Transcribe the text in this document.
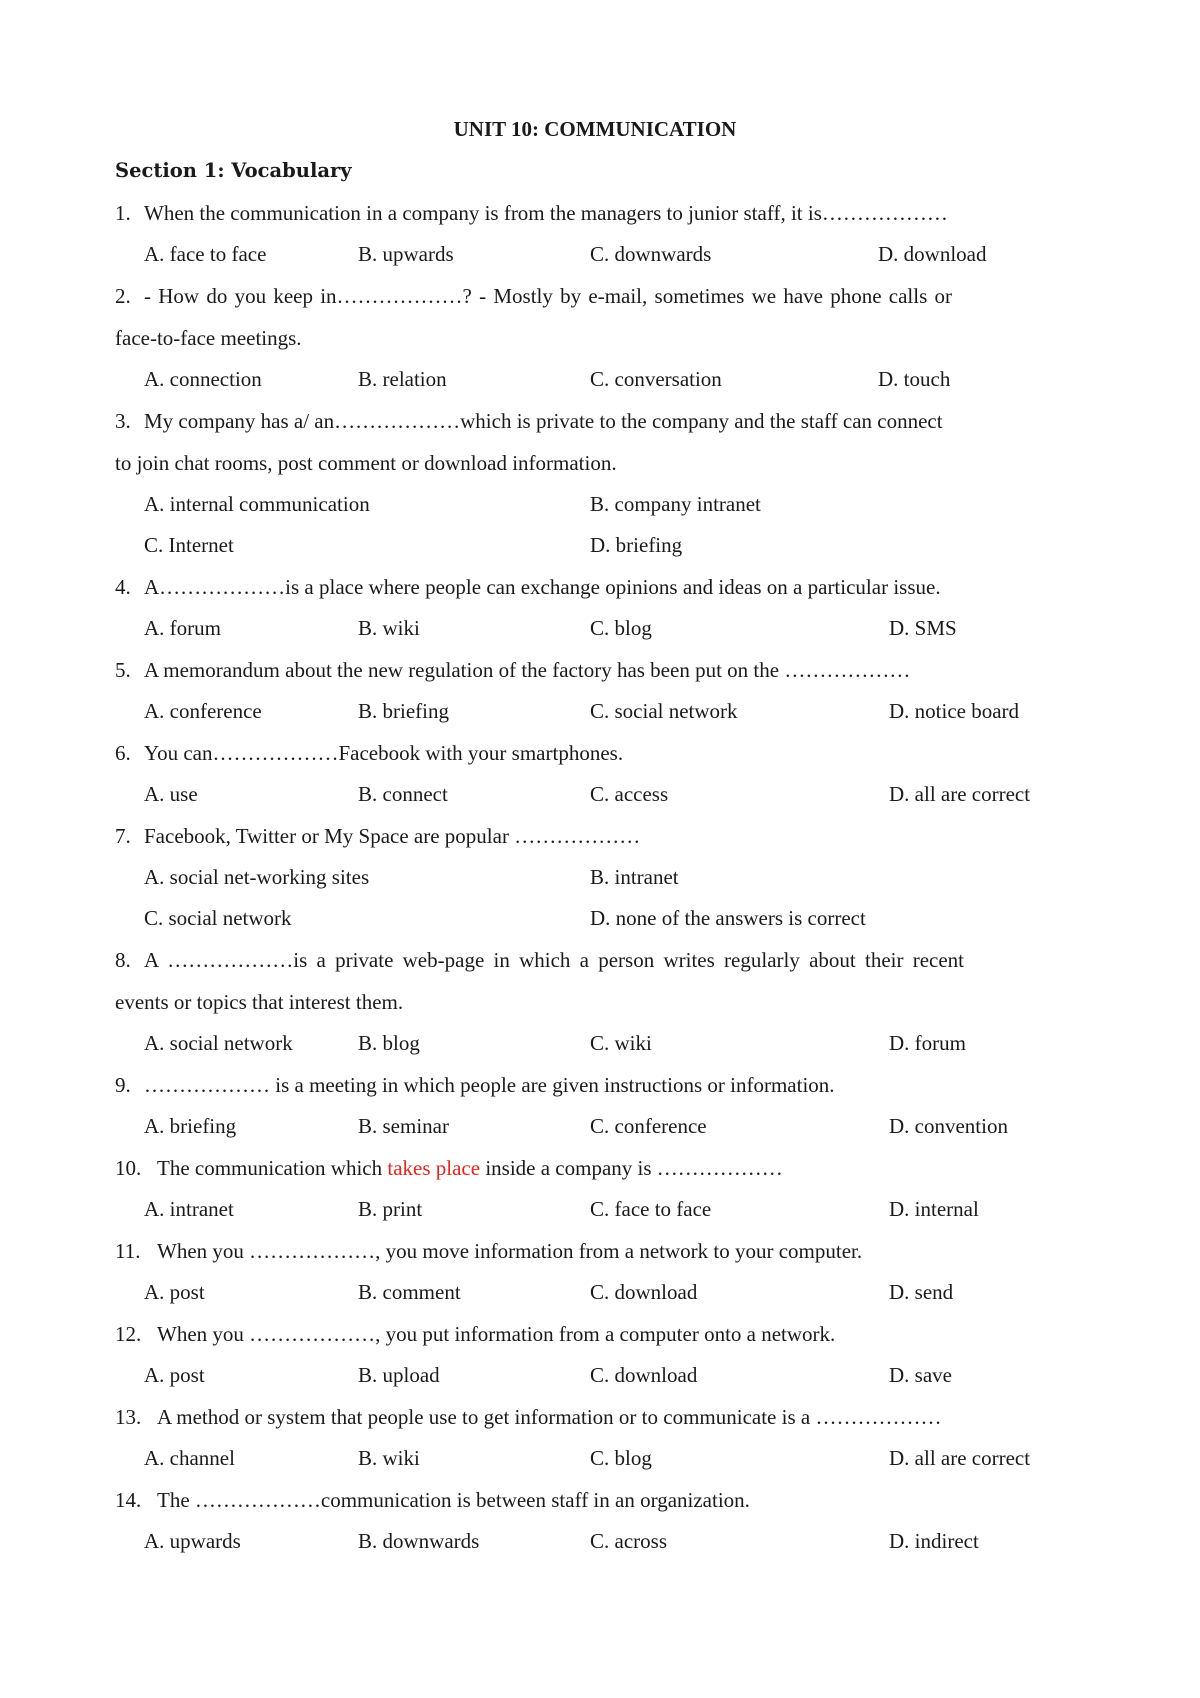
UNIT 10: COMMUNICATION
Section 1: Vocabulary
1. When the communication in a company is from the managers to junior staff, it is………………
A. face to face	B. upwards	C. downwards	D. download
2. - How do you keep in………………? - Mostly by e-mail, sometimes we have phone calls or
face-to-face meetings.
A. connection	B. relation	C. conversation	D. touch
3. My company has a/ an………………which is private to the company and the staff can connect
to join chat rooms, post comment or download information.
A. internal communication	B. company intranet
C. Internet	D. briefing
4. A………………is a place where people can exchange opinions and ideas on a particular issue.
A. forum	B. wiki	C. blog	D. SMS
5. A memorandum about the new regulation of the factory has been put on the ………………
A. conference	B. briefing	C. social network	D. notice board
6. You can………………Facebook with your smartphones.
A. use	B. connect	C. access	D. all are correct
7. Facebook, Twitter or My Space are popular ………………
A. social net-working sites	B. intranet
C. social network	D. none of the answers is correct
8. A ………………is a private web-page in which a person writes regularly about their recent
events or topics that interest them.
A. social network	B. blog	C. wiki	D. forum
9. ……………… is a meeting in which people are given instructions or information.
A. briefing	B. seminar	C. conference	D. convention
10. The communication which takes place inside a company is ………………
A. intranet	B. print	C. face to face	D. internal
11. When you ………………, you move information from a network to your computer.
A. post	B. comment	C. download	D. send
12. When you ………………, you put information from a computer onto a network.
A. post	B. upload	C. download	D. save
13. A method or system that people use to get information or to communicate is a ………………
A. channel	B. wiki	C. blog	D. all are correct
14. The ………………communication is between staff in an organization.
A. upwards	B. downwards	C. across	D. indirect
